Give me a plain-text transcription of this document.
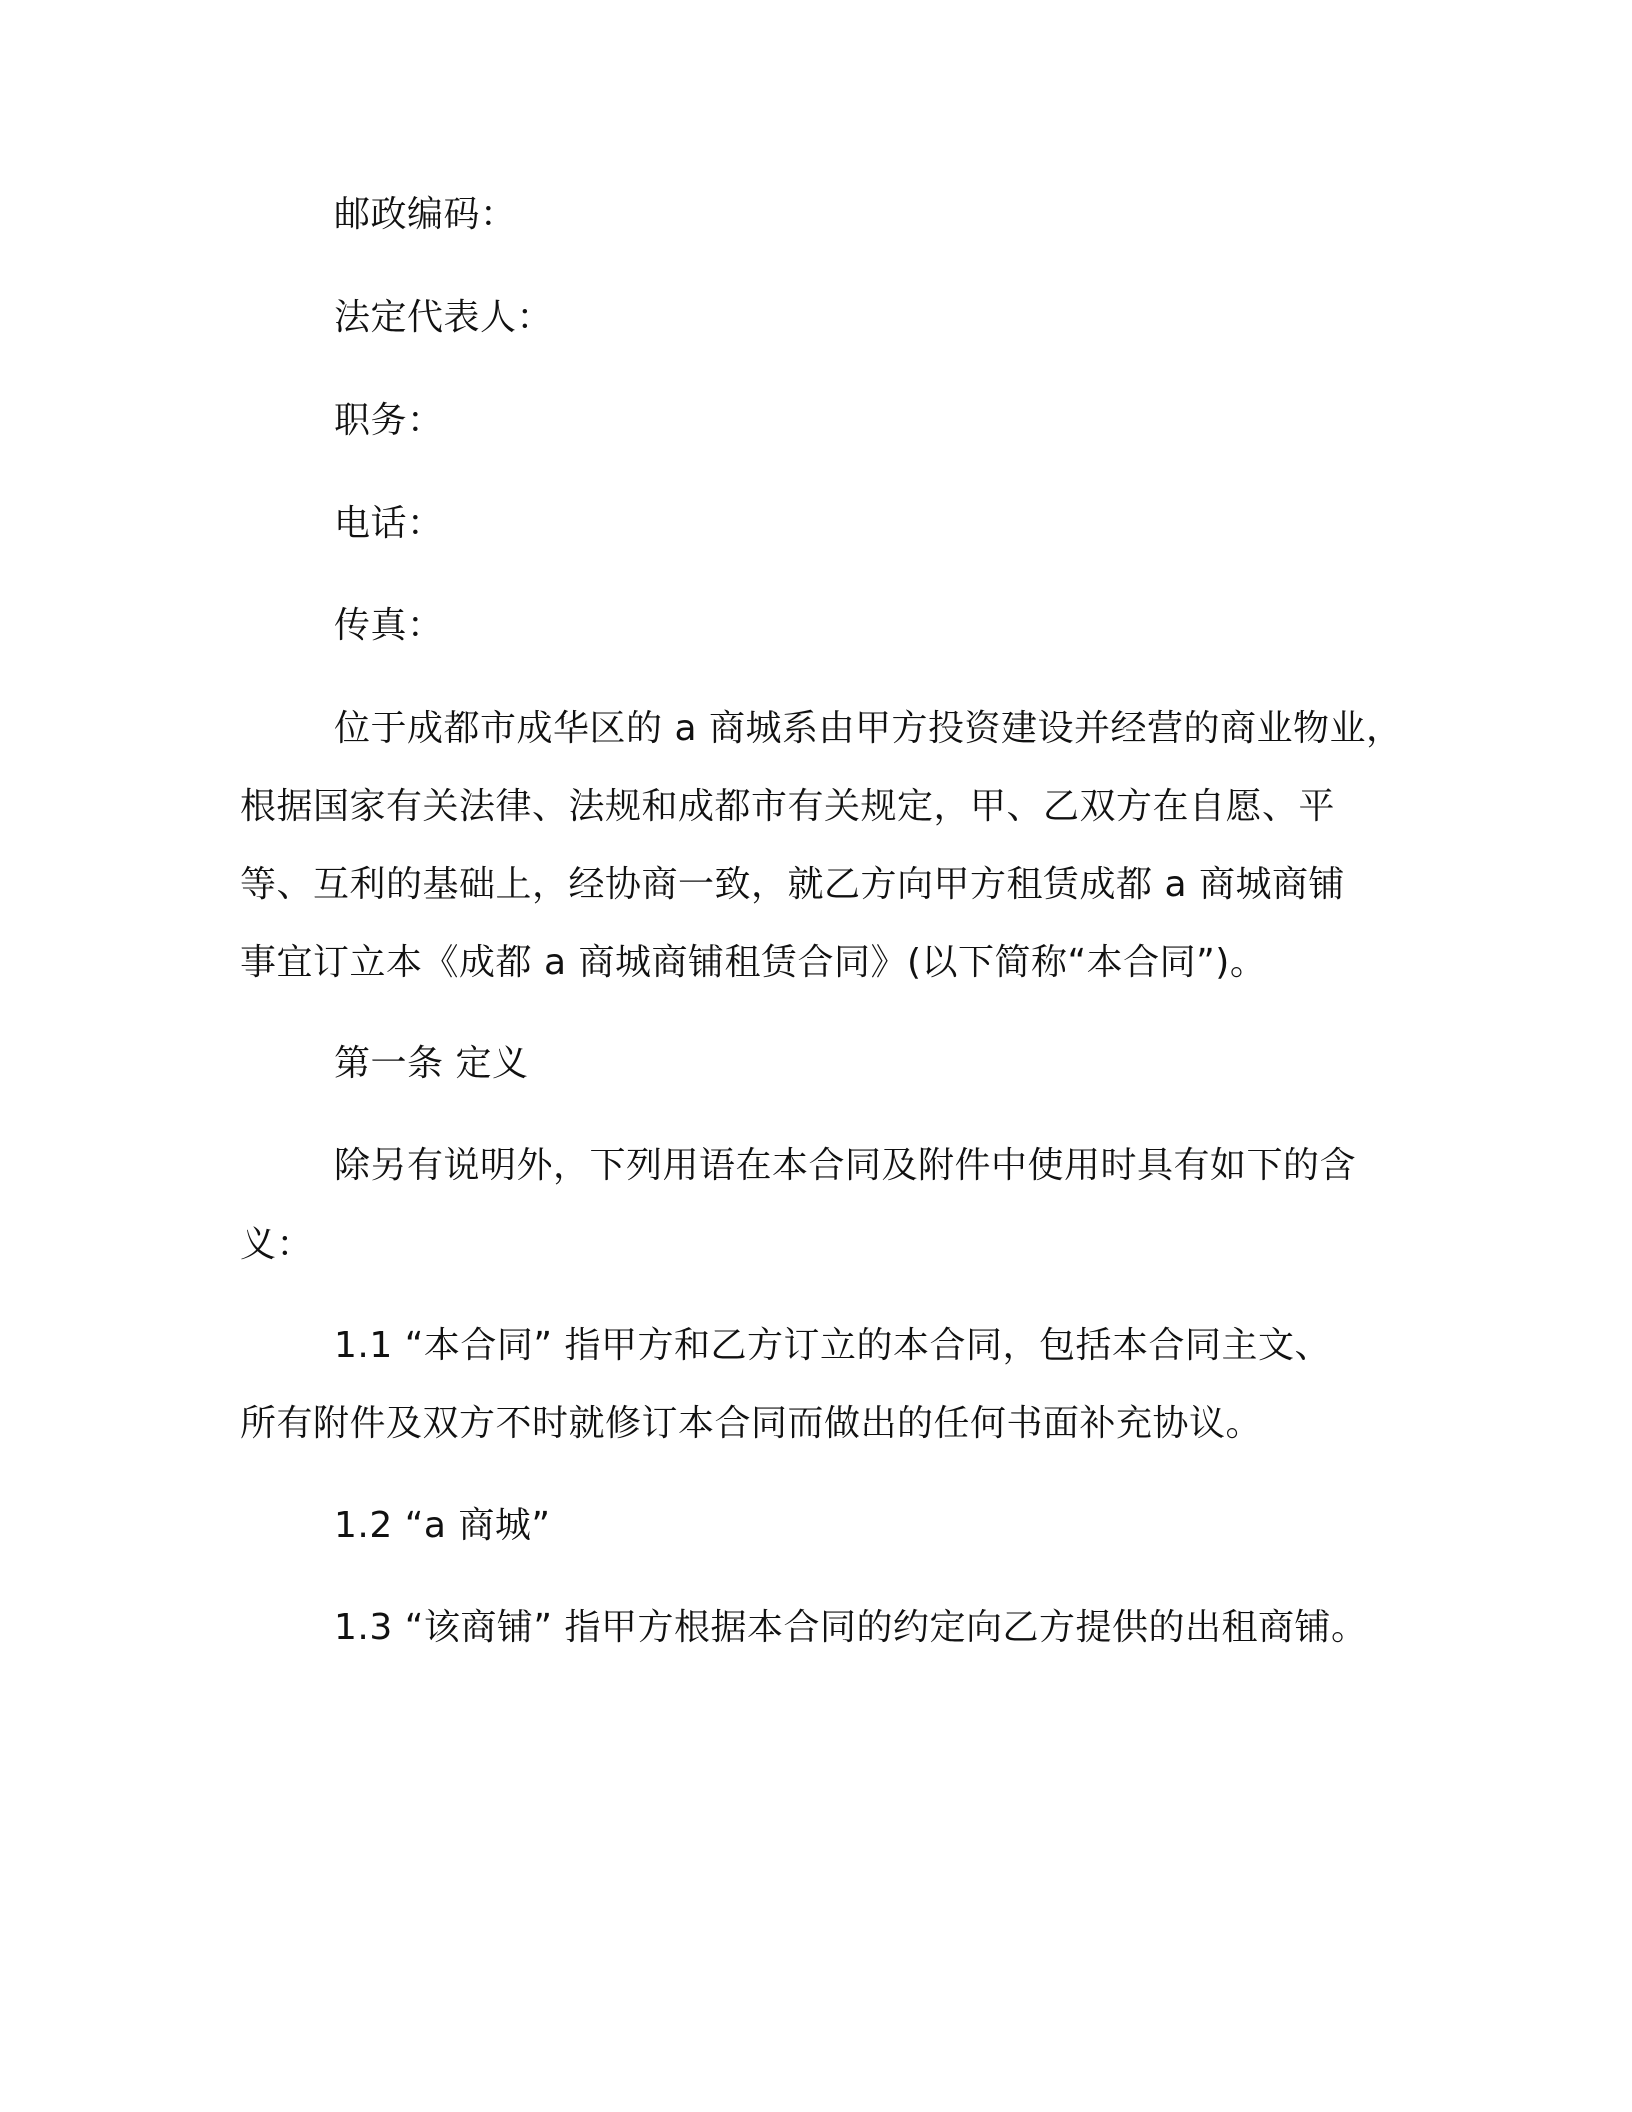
邮政编码：
法定代表人：
职务：
电话：
传真：
位于成都市成华区的 a 商城系由甲方投资建设并经营的商业物业，
根据国家有关法律、法规和成都市有关规定，甲、乙双方在自愿、平
等、互利的基础上，经协商一致，就乙方向甲方租赁成都 a 商城商铺
事宜订立本《成都 a 商城商铺租赁合同》(以下简称“本合同”)。
第一条 定义
除另有说明外，下列用语在本合同及附件中使用时具有如下的含
义：
1.1 “本合同” 指甲方和乙方订立的本合同，包括本合同主文、
所有附件及双方不时就修订本合同而做出的任何书面补充协议。
1.2 “a 商城”
1.3 “该商铺” 指甲方根据本合同的约定向乙方提供的出租商铺。
